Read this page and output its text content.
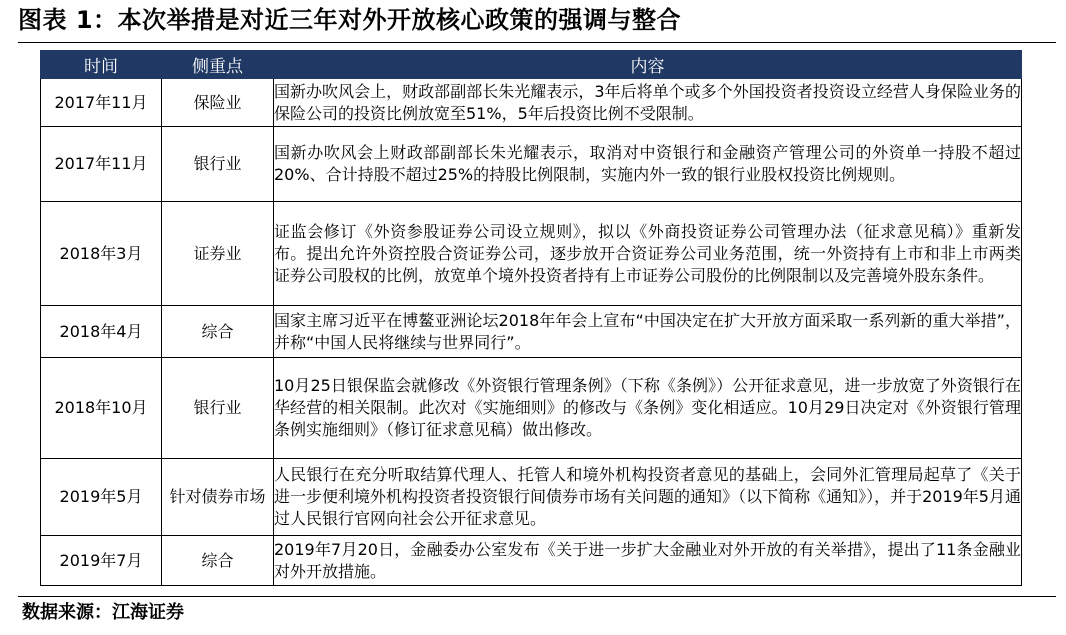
图表 1：本次举措是对近三年对外开放核心政策的强调与整合
时间	侧重点	内容
2017年11月	保险业	国新办吹风会上，财政部副部长朱光耀表示，3年后将单个或多个外国投资者投资设立经营人身保险业务的保险公司的投资比例放宽至51%，5年后投资比例不受限制。
2017年11月	银行业	国新办吹风会上财政部副部长朱光耀表示，取消对中资银行和金融资产管理公司的外资单一持股不超过20%、合计持股不超过25%的持股比例限制，实施内外一致的银行业股权投资比例规则。
2018年3月	证券业	证监会修订《外资参股证券公司设立规则》，拟以《外商投资证券公司管理办法（征求意见稿）》重新发布。提出允许外资控股合资证券公司，逐步放开合资证券公司业务范围，统一外资持有上市和非上市两类证券公司股权的比例，放宽单个境外投资者持有上市证券公司股份的比例限制以及完善境外股东条件。
2018年4月	综合	国家主席习近平在博鳌亚洲论坛2018年年会上宣布“中国决定在扩大开放方面采取一系列新的重大举措”，并称“中国人民将继续与世界同行”。
2018年10月	银行业	10月25日银保监会就修改《外资银行管理条例》（下称《条例》）公开征求意见，进一步放宽了外资银行在华经营的相关限制。此次对《实施细则》的修改与《条例》变化相适应。10月29日决定对《外资银行管理条例实施细则》（修订征求意见稿）做出修改。
2019年5月	针对债券市场	人民银行在充分听取结算代理人、托管人和境外机构投资者意见的基础上，会同外汇管理局起草了《关于进一步便利境外机构投资者投资银行间债券市场有关问题的通知》（以下简称《通知》），并于2019年5月通过人民银行官网向社会公开征求意见。
2019年7月	综合	2019年7月20日，金融委办公室发布《关于进一步扩大金融业对外开放的有关举措》，提出了11条金融业对外开放措施。
数据来源：江海证券
